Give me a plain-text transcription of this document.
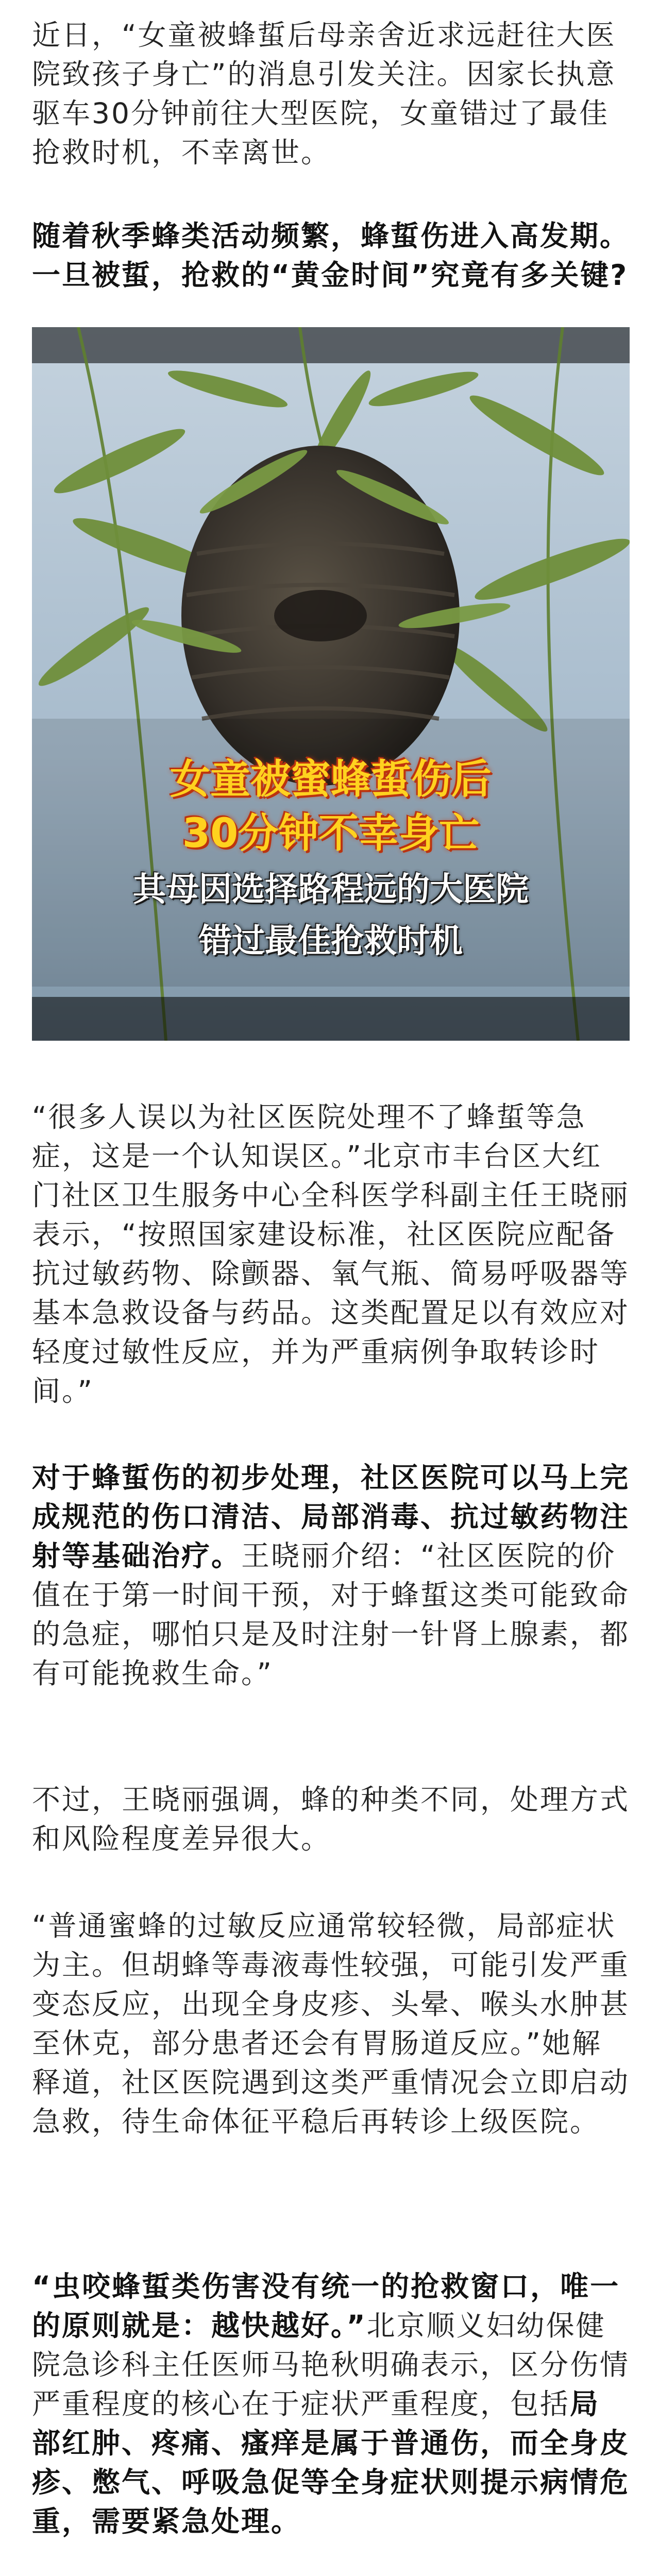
近日，“女童被蜂蜇后母亲舍近求远赶往大医院致孩子身亡”的消息引发关注。因家长执意驱车30分钟前往大型医院，女童错过了最佳抢救时机，不幸离世。

随着秋季蜂类活动频繁，蜂蜇伤进入高发期。一旦被蜇，抢救的“黄金时间”究竟有多关键?

女童被蜜蜂蜇伤后
30分钟不幸身亡
其母因选择路程远的大医院
错过最佳抢救时机

“很多人误以为社区医院处理不了蜂蜇等急症，这是一个认知误区。”北京市丰台区大红门社区卫生服务中心全科医学科副主任王晓丽表示，“按照国家建设标准，社区医院应配备抗过敏药物、除颤器、氧气瓶、简易呼吸器等基本急救设备与药品。这类配置足以有效应对轻度过敏性反应，并为严重病例争取转诊时间。”

对于蜂蜇伤的初步处理，社区医院可以马上完成规范的伤口清洁、局部消毒、抗过敏药物注射等基础治疗。王晓丽介绍：“社区医院的价值在于第一时间干预，对于蜂蜇这类可能致命的急症，哪怕只是及时注射一针肾上腺素，都有可能挽救生命。”

不过，王晓丽强调，蜂的种类不同，处理方式和风险程度差异很大。

“普通蜜蜂的过敏反应通常较轻微，局部症状为主。但胡蜂等毒液毒性较强，可能引发严重变态反应，出现全身皮疹、头晕、喉头水肿甚至休克，部分患者还会有胃肠道反应。”她解释道，社区医院遇到这类严重情况会立即启动急救，待生命体征平稳后再转诊上级医院。

“虫咬蜂蜇类伤害没有统一的抢救窗口，唯一的原则就是：越快越好。”北京顺义妇幼保健院急诊科主任医师马艳秋明确表示，区分伤情严重程度的核心在于症状严重程度，包括局部红肿、疼痛、瘙痒是属于普通伤，而全身皮疹、憋气、呼吸急促等全身症状则提示病情危重，需要紧急处理。
